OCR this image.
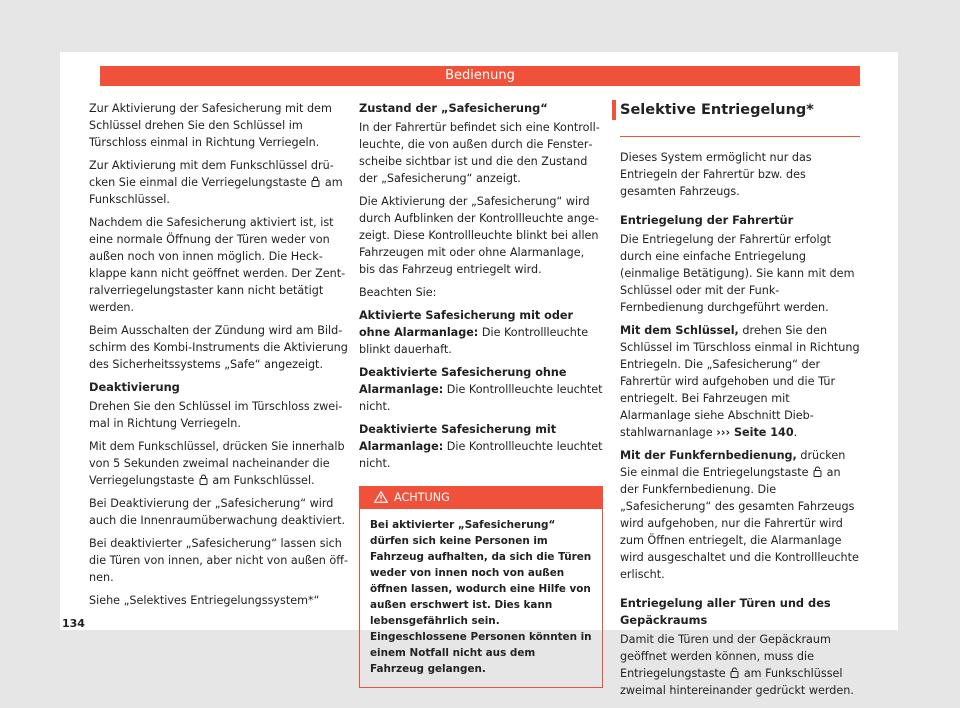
Bedienung

Zur Aktivierung der Safesicherung mit dem Schlüssel drehen Sie den Schlüssel im Türschloss einmal in Richtung Verriegeln.

Zur Aktivierung mit dem Funkschlüssel drücken Sie einmal die Verriegelungstaste am Funkschlüssel.

Nachdem die Safesicherung aktiviert ist, ist eine normale Öffnung der Türen weder von außen noch von innen möglich. Die Heckklappe kann nicht geöffnet werden. Der Zentralverriegelungstaster kann nicht betätigt werden.

Beim Ausschalten der Zündung wird am Bildschirm des Kombi-Instruments die Aktivierung des Sicherheitssystems „Safe“ angezeigt.

Deaktivierung

Drehen Sie den Schlüssel im Türschloss zweimal in Richtung Verriegeln.

Mit dem Funkschlüssel, drücken Sie innerhalb von 5 Sekunden zweimal nacheinander die Verriegelungstaste am Funkschlüssel.

Bei Deaktivierung der „Safesicherung“ wird auch die Innenraumüberwachung deaktiviert.

Bei deaktivierter „Safesicherung“ lassen sich die Türen von innen, aber nicht von außen öffnen.

Siehe „Selektives Entriegelungssystem*“

Zustand der „Safesicherung“

In der Fahrertür befindet sich eine Kontrollleuchte, die von außen durch die Fensterscheibe sichtbar ist und die den Zustand der „Safesicherung“ anzeigt.

Die Aktivierung der „Safesicherung“ wird durch Aufblinken der Kontrollleuchte angezeigt. Diese Kontrollleuchte blinkt bei allen Fahrzeugen mit oder ohne Alarmanlage, bis das Fahrzeug entriegelt wird.

Beachten Sie:

Aktivierte Safesicherung mit oder ohne Alarmanlage: Die Kontrollleuchte blinkt dauerhaft.

Deaktivierte Safesicherung ohne Alarmanlage: Die Kontrollleuchte leuchtet nicht.

Deaktivierte Safesicherung mit Alarmanlage: Die Kontrollleuchte leuchtet nicht.

ACHTUNG
Bei aktivierter „Safesicherung“ dürfen sich keine Personen im Fahrzeug aufhalten, da sich die Türen weder von innen noch von außen öffnen lassen, wodurch eine Hilfe von außen erschwert ist. Dies kann lebensgefährlich sein. Eingeschlossene Personen könnten in einem Notfall nicht aus dem Fahrzeug gelangen.
Selektive Entriegelung*

Dieses System ermöglicht nur das Entriegeln der Fahrertür bzw. des gesamten Fahrzeugs.

Entriegelung der Fahrertür

Die Entriegelung der Fahrertür erfolgt durch eine einfache Entriegelung (einmalige Betätigung). Sie kann mit dem Schlüssel oder mit der Funk-Fernbedienung durchgeführt werden.

Mit dem Schlüssel, drehen Sie den Schlüssel im Türschloss einmal in Richtung Entriegeln. Die „Safesicherung“ der Fahrertür wird aufgehoben und die Tür entriegelt. Bei Fahrzeugen mit Alarmanlage siehe Abschnitt Diebstahlwarnanlage ››› Seite 140.

Mit der Funkfernbedienung, drücken Sie einmal die Entriegelungstaste an der Funkfernbedienung. Die „Safesicherung“ des gesamten Fahrzeugs wird aufgehoben, nur die Fahrertür wird zum Öffnen entriegelt, die Alarmanlage wird ausgeschaltet und die Kontrollleuchte erlischt.

Entriegelung aller Türen und des Gepäckraums

Damit die Türen und der Gepäckraum geöffnet werden können, muss die Entriegelungstaste am Funkschlüssel zweimal hintereinander gedrückt werden.

134
